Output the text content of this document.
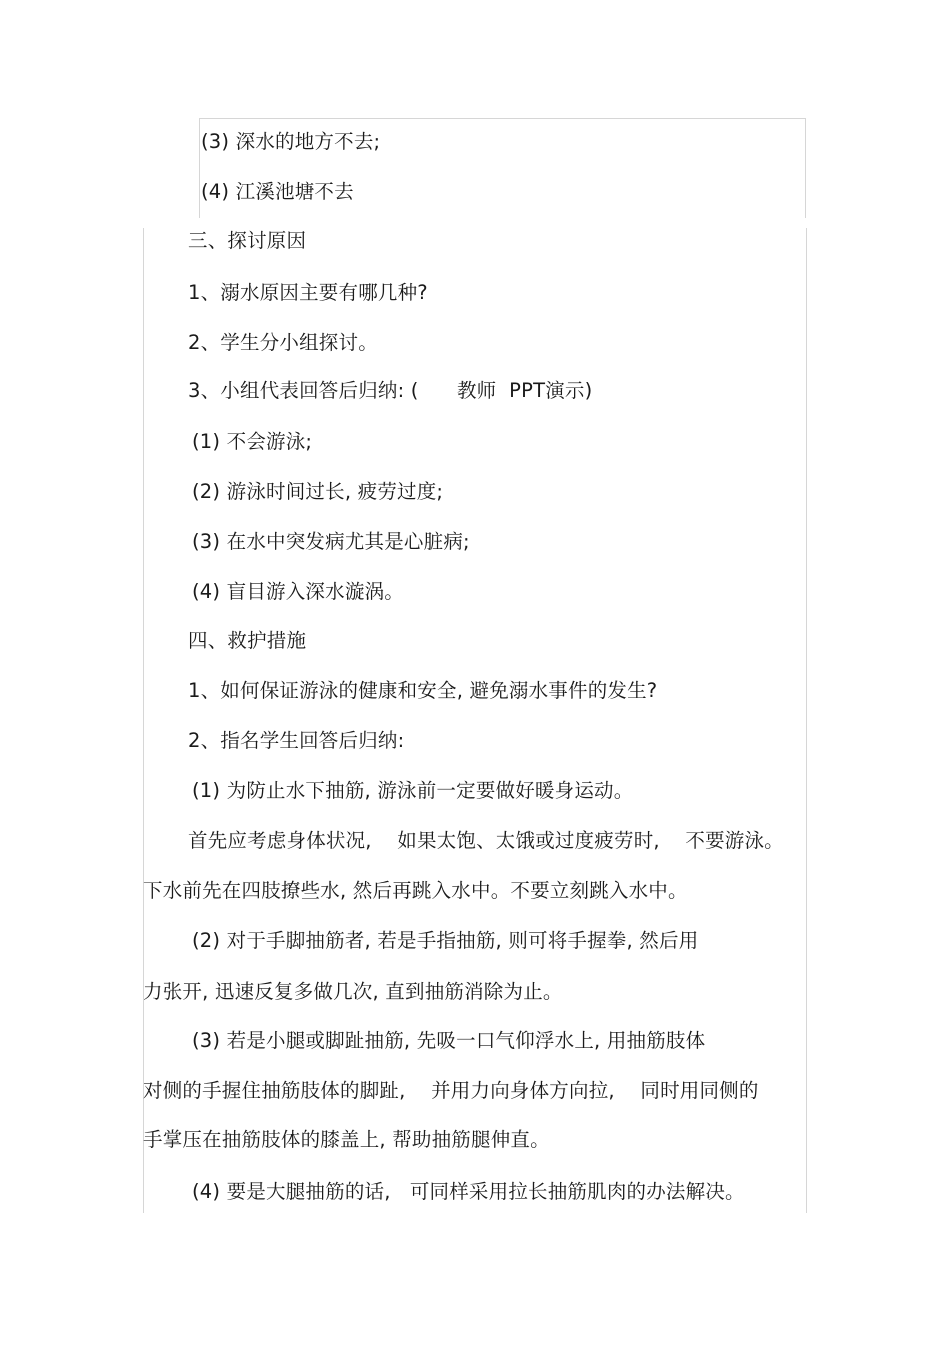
(3) 深水的地方不去;
(4) 江溪池塘不去
三、探讨原因
1、溺水原因主要有哪几种?
2、学生分小组探讨。
3、小组代表回答后归纳: (      教师  PPT演示)
(1) 不会游泳;
(2) 游泳时间过长, 疲劳过度;
(3) 在水中突发病尤其是心脏病;
(4) 盲目游入深水漩涡。
四、救护措施
1、如何保证游泳的健康和安全, 避免溺水事件的发生?
2、指名学生回答后归纳:
(1) 为防止水下抽筋, 游泳前一定要做好暖身运动。
首先应考虑身体状况,    如果太饱、太饿或过度疲劳时,    不要游泳。
下水前先在四肢撩些水, 然后再跳入水中。不要立刻跳入水中。
(2) 对于手脚抽筋者, 若是手指抽筋, 则可将手握拳, 然后用
力张开, 迅速反复多做几次, 直到抽筋消除为止。
(3) 若是小腿或脚趾抽筋, 先吸一口气仰浮水上, 用抽筋肢体
对侧的手握住抽筋肢体的脚趾,    并用力向身体方向拉,    同时用同侧的
手掌压在抽筋肢体的膝盖上, 帮助抽筋腿伸直。
(4) 要是大腿抽筋的话,   可同样采用拉长抽筋肌肉的办法解决。
